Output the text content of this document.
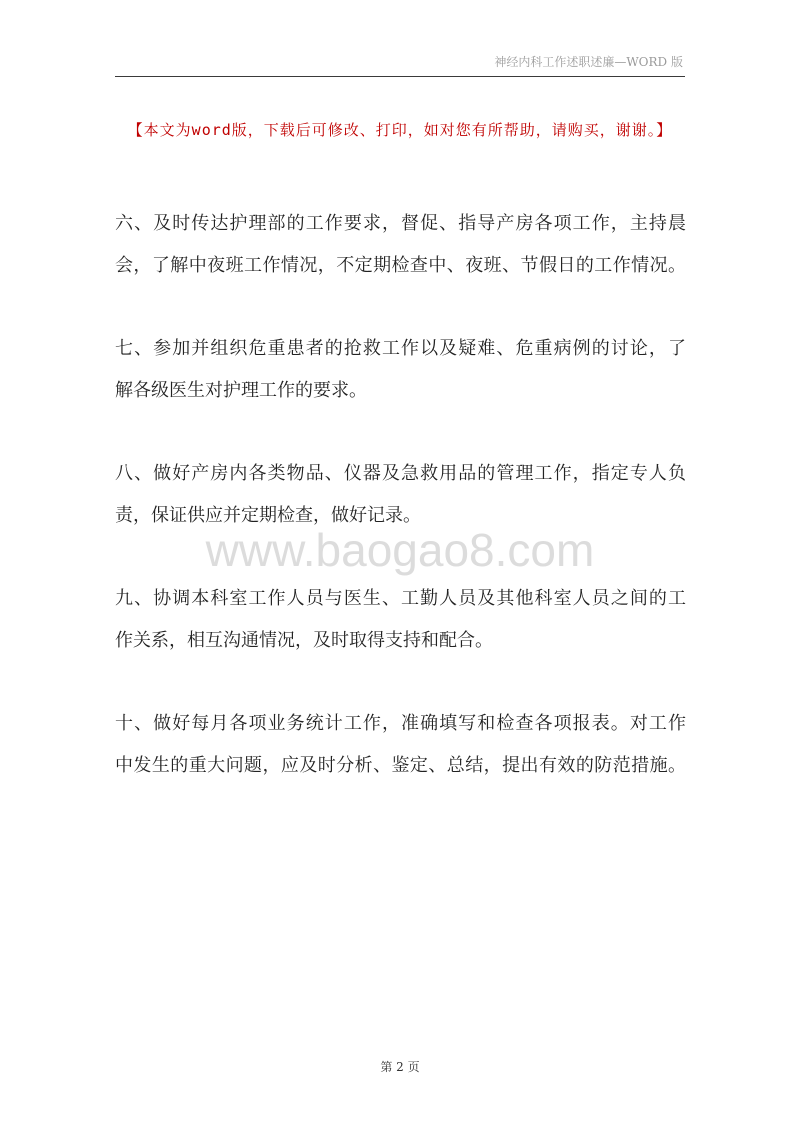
神经内科工作述职述廉—WORD 版
【本文为word版，下载后可修改、打印，如对您有所帮助，请购买，谢谢。】
www.baogao8.com
六、及时传达护理部的工作要求，督促、指导产房各项工作，主持晨
会，了解中夜班工作情况，不定期检查中、夜班、节假日的工作情况。
七、参加并组织危重患者的抢救工作以及疑难、危重病例的讨论，了
解各级医生对护理工作的要求。
八、做好产房内各类物品、仪器及急救用品的管理工作，指定专人负
责，保证供应并定期检查，做好记录。
九、协调本科室工作人员与医生、工勤人员及其他科室人员之间的工
作关系，相互沟通情况，及时取得支持和配合。
十、做好每月各项业务统计工作，准确填写和检查各项报表。对工作
中发生的重大问题，应及时分析、鉴定、总结，提出有效的防范措施。
第 2 页
